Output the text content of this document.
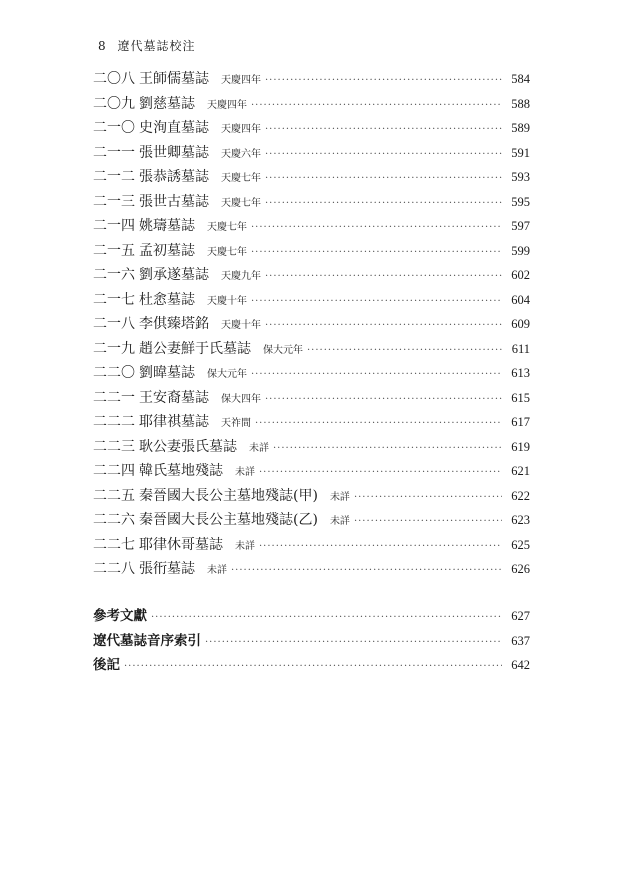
8 遼代墓誌校注
二〇八 王師儒墓誌 天慶四年 ·····	584
二〇九 劉慈墓誌 天慶四年 ·····	588
二一〇 史洵直墓誌 天慶四年 ·····	589
二一一 張世卿墓誌 天慶六年 ·····	591
二一二 張恭誘墓誌 天慶七年 ·····	593
二一三 張世古墓誌 天慶七年 ·····	595
二一四 姚璹墓誌 天慶七年 ·····	597
二一五 孟初墓誌 天慶七年 ·····	599
二一六 劉承遂墓誌 天慶九年 ·····	602
二一七 杜悆墓誌 天慶十年 ·····	604
二一八 李倛臻塔銘 天慶十年 ·····	609
二一九 趙公妻鮮于氏墓誌 保大元年 ·····	611
二二〇 劉暐墓誌 保大元年 ·····	613
二二一 王安裔墓誌 保大四年 ·····	615
二二二 耶律祺墓誌 天祚間 ·····	617
二二三 耿公妻張氏墓誌 未詳 ·····	619
二二四 韓氏墓地殘誌 未詳 ·····	621
二二五 秦晉國大長公主墓地殘誌(甲) 未詳 ·····	622
二二六 秦晉國大長公主墓地殘誌(乙) 未詳 ·····	623
二二七 耶律休哥墓誌 未詳 ·····	625
二二八 張衎墓誌 未詳 ·····	626
參考文獻 ·····	627
遼代墓誌音序索引 ·····	637
後記 ·····	642
